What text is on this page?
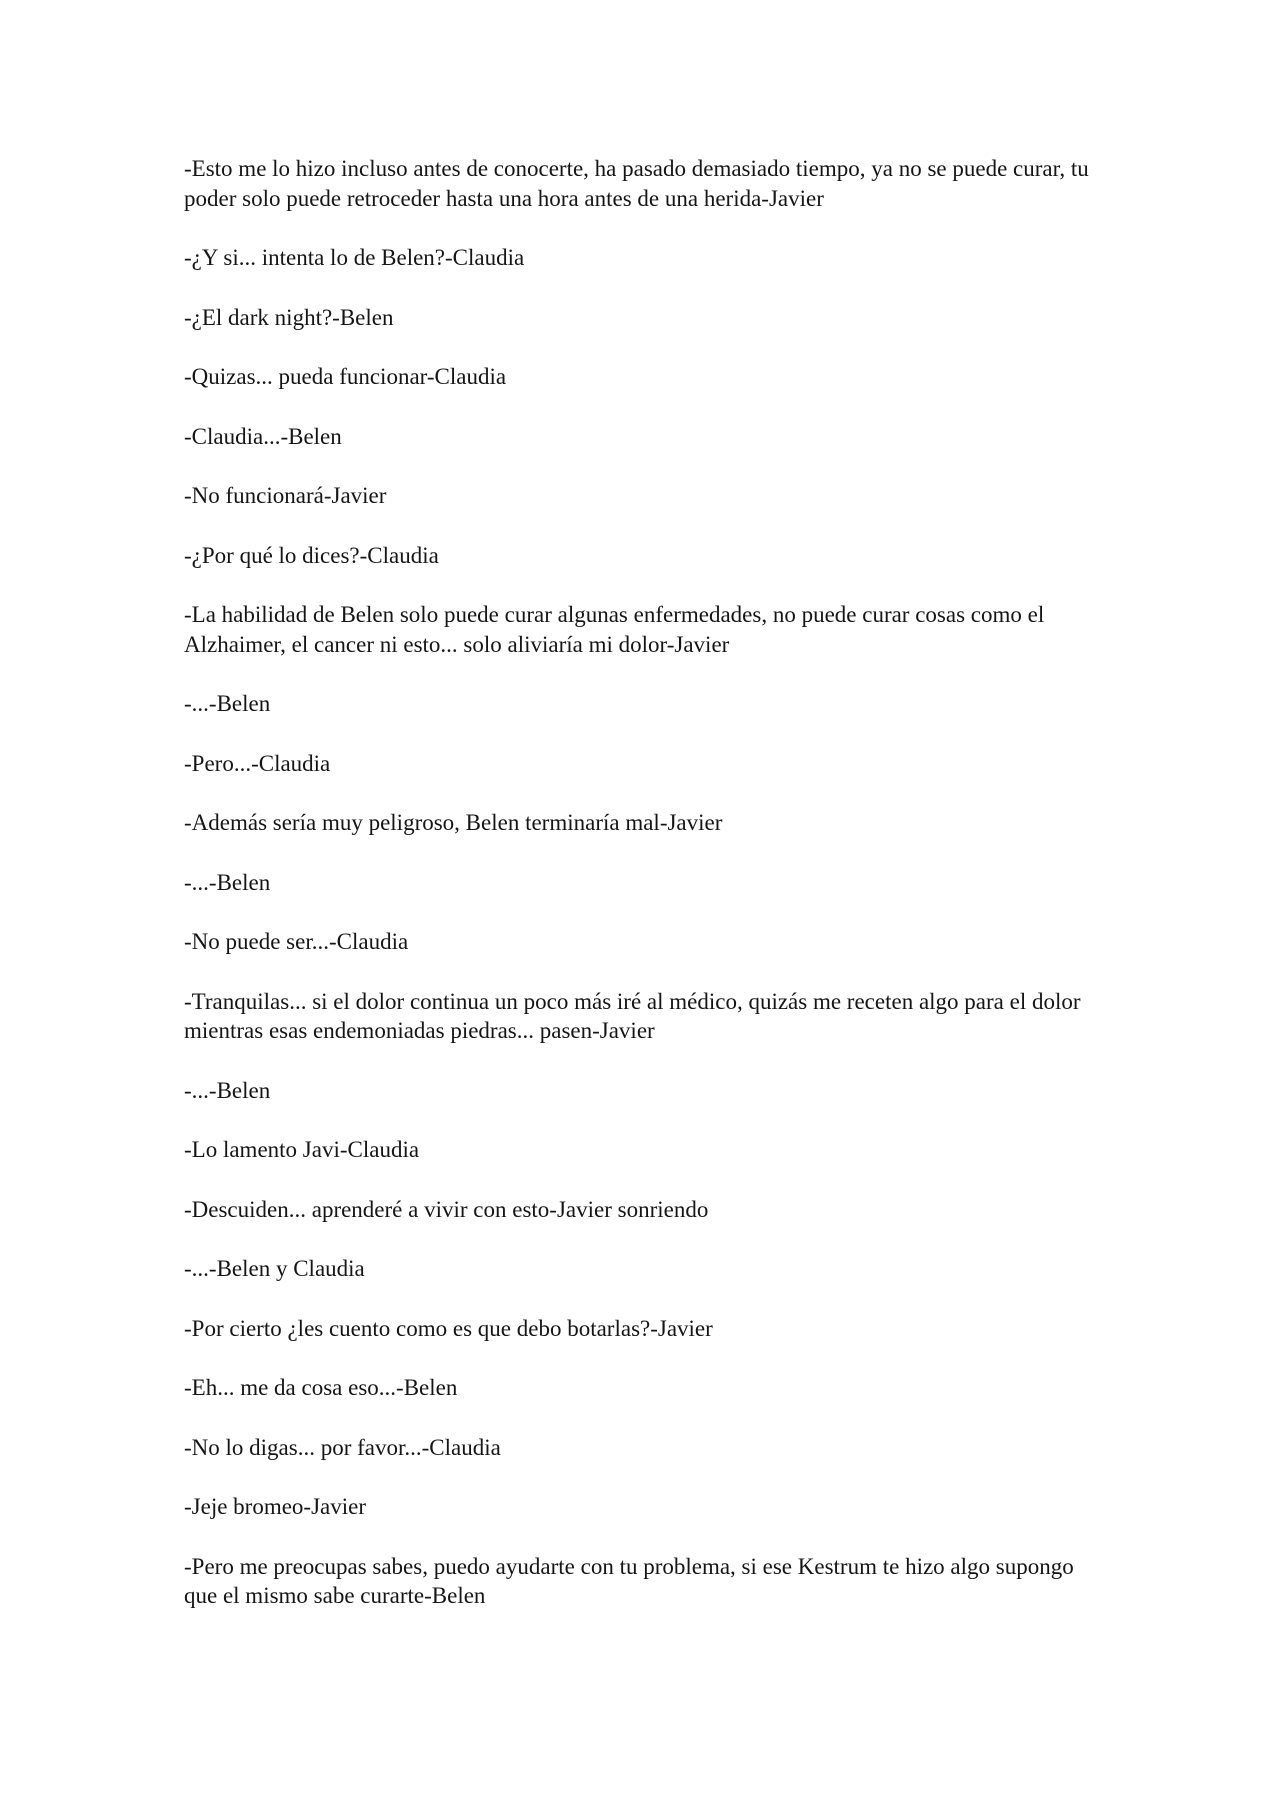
-Esto me lo hizo incluso antes de conocerte, ha pasado demasiado tiempo, ya no se puede curar, tu poder solo puede retroceder hasta una hora antes de una herida-Javier

-¿Y si... intenta lo de Belen?-Claudia

-¿El dark night?-Belen

-Quizas... pueda funcionar-Claudia

-Claudia...-Belen

-No funcionará-Javier

-¿Por qué lo dices?-Claudia

-La habilidad de Belen solo puede curar algunas enfermedades, no puede curar cosas como el Alzhaimer, el cancer ni esto... solo aliviaría mi dolor-Javier

-...-Belen

-Pero...-Claudia

-Además sería muy peligroso, Belen terminaría mal-Javier

-...-Belen

-No puede ser...-Claudia

-Tranquilas... si el dolor continua un poco más iré al médico, quizás me receten algo para el dolor mientras esas endemoniadas piedras... pasen-Javier

-...-Belen

-Lo lamento Javi-Claudia

-Descuiden... aprenderé a vivir con esto-Javier sonriendo

-...-Belen y Claudia

-Por cierto ¿les cuento como es que debo botarlas?-Javier

-Eh... me da cosa eso...-Belen

-No lo digas... por favor...-Claudia

-Jeje bromeo-Javier

-Pero me preocupas sabes, puedo ayudarte con tu problema, si ese Kestrum te hizo algo supongo que el mismo sabe curarte-Belen
